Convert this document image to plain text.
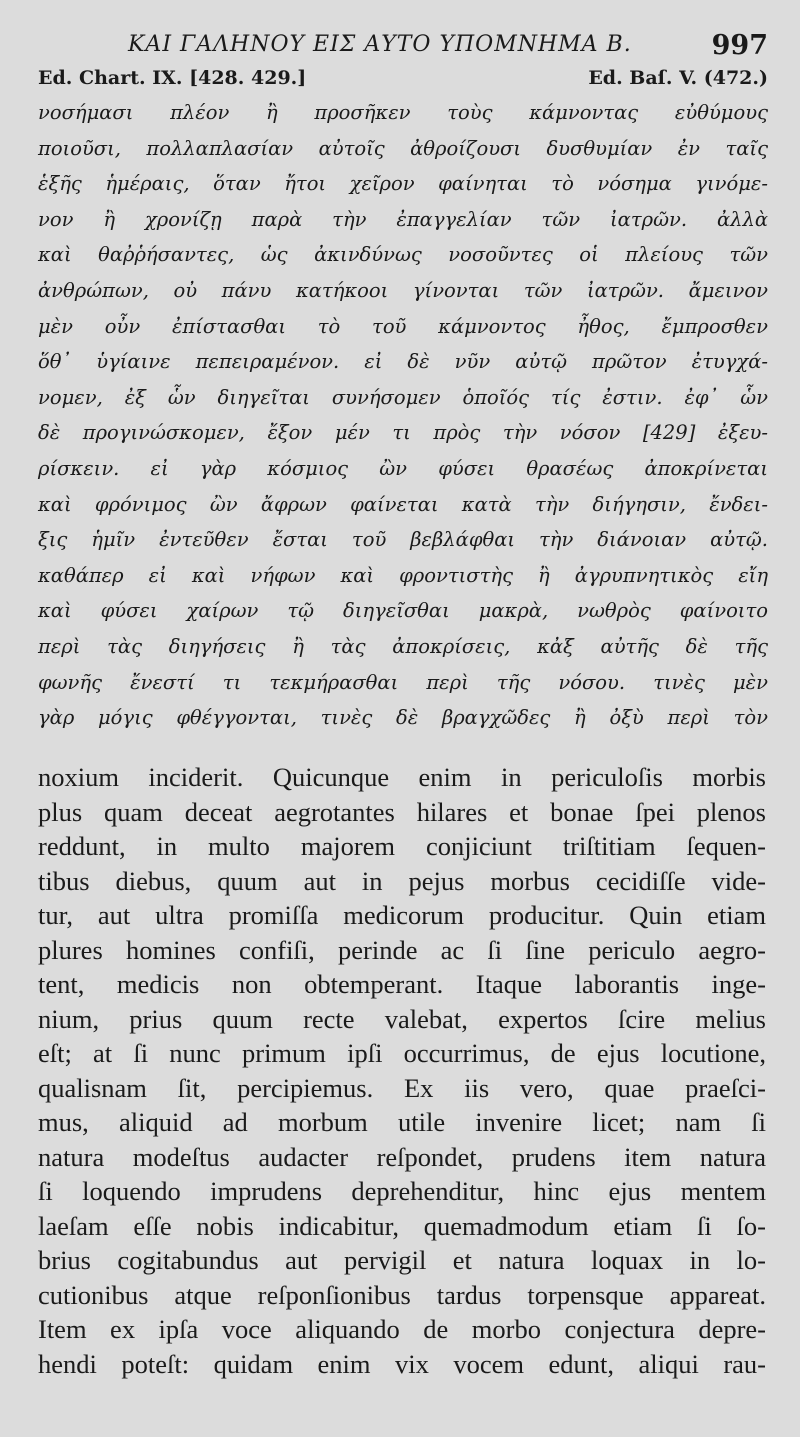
ΚΑΙ ΓΑΛΗΝΟΥ ΕΙΣ ΑΥΤΟ ΥΠΟΜΝΗΜΑ Β.	997
Ed. Chart. IX. [428. 429.]	Ed. Baſ. V. (472.)
νοσήμασι πλέον ἢ προσῆκεν τοὺς κάμνοντας εὐθύμους
ποιοῦσι, πολλαπλασίαν αὐτοῖς ἀθροίζουσι δυσθυμίαν ἐν ταῖς
ἑξῆς ἡμέραις, ὅταν ἤτοι χεῖρον φαίνηται τὸ νόσημα γινόμε-
νον ἢ χρονίζῃ παρὰ τὴν ἐπαγγελίαν τῶν ἰατρῶν. ἀλλὰ
καὶ θαῤῥήσαντες, ὡς ἀκινδύνως νοσοῦντες οἱ πλείους τῶν
ἀνθρώπων, οὐ πάνυ κατήκοοι γίνονται τῶν ἰατρῶν. ἄμεινον
μὲν οὖν ἐπίστασθαι τὸ τοῦ κάμνοντος ἦθος, ἔμπροσθεν
ὅθ᾽ ὑγίαινε πεπειραμένον. εἰ δὲ νῦν αὐτῷ πρῶτον ἐτυγχά-
νομεν, ἐξ ὧν διηγεῖται συνήσομεν ὁποῖός τίς ἐστιν. ἐφ᾽ ὧν
δὲ προγινώσκομεν, ἔξον μέν τι πρὸς τὴν νόσον [429] ἐξευ-
ρίσκειν. εἰ γὰρ κόσμιος ὢν φύσει θρασέως ἀποκρίνεται
καὶ φρόνιμος ὢν ἄφρων φαίνεται κατὰ τὴν διήγησιν, ἔνδει-
ξις ἡμῖν ἐντεῦθεν ἔσται τοῦ βεβλάφθαι τὴν διάνοιαν αὐτῷ.
καθάπερ εἰ καὶ νήφων καὶ φροντιστὴς ἢ ἀγρυπνητικὸς εἴη
καὶ φύσει χαίρων τῷ διηγεῖσθαι μακρὰ, νωθρὸς φαίνοιτο
περὶ τὰς διηγήσεις ἢ τὰς ἀποκρίσεις, κἀξ αὐτῆς δὲ τῆς
φωνῆς ἔνεστί τι τεκμήρασθαι περὶ τῆς νόσου. τινὲς μὲν
γὰρ μόγις φθέγγονται, τινὲς δὲ βραγχῶδες ἢ ὀξὺ περὶ τὸν
noxium inciderit. Quicunque enim in periculoſis morbis
plus quam deceat aegrotantes hilares et bonae ſpei plenos
reddunt, in multo majorem conjiciunt triſtitiam ſequen-
tibus diebus, quum aut in pejus morbus cecidiſſe vide-
tur, aut ultra promiſſa medicorum producitur. Quin etiam
plures homines confiſi, perinde ac ſi ſine periculo aegro-
tent, medicis non obtemperant. Itaque laborantis inge-
nium, prius quum recte valebat, expertos ſcire melius
eſt; at ſi nunc primum ipſi occurrimus, de ejus locutione,
qualisnam ſit, percipiemus. Ex iis vero, quae praeſci-
mus, aliquid ad morbum utile invenire licet; nam ſi
natura modeſtus audacter reſpondet, prudens item natura
ſi loquendo imprudens deprehenditur, hinc ejus mentem
laeſam eſſe nobis indicabitur, quemadmodum etiam ſi ſo-
brius cogitabundus aut pervigil et natura loquax in lo-
cutionibus atque reſponſionibus tardus torpensque appareat.
Item ex ipſa voce aliquando de morbo conjectura depre-
hendi poteſt: quidam enim vix vocem edunt, aliqui rau-
